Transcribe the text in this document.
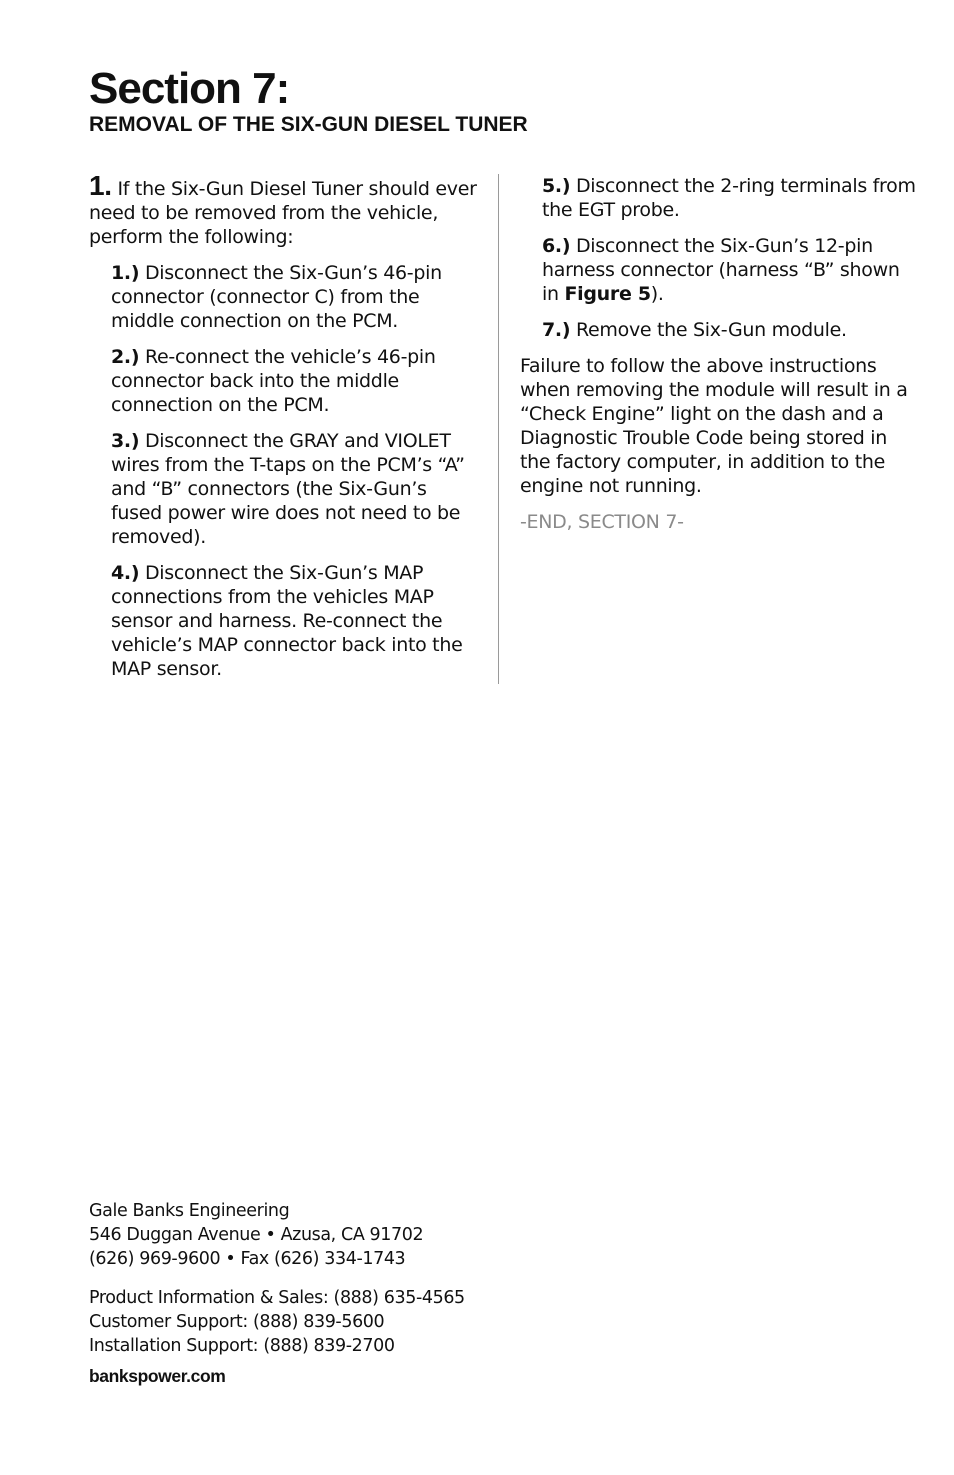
Section 7:
REMOVAL OF THE SIX-GUN DIESEL TUNER

1. If the Six-Gun Diesel Tuner should ever need to be removed from the vehicle, perform the following:

1.) Disconnect the Six-Gun’s 46-pin connector (connector C) from the middle connection on the PCM.

2.) Re-connect the vehicle’s 46-pin connector back into the middle connection on the PCM.

3.) Disconnect the GRAY and VIOLET wires from the T-taps on the PCM’s “A” and “B” connectors (the Six-Gun’s fused power wire does not need to be removed).

4.) Disconnect the Six-Gun’s MAP connections from the vehicles MAP sensor and harness. Re-connect the vehicle’s MAP connector back into the MAP sensor.

5.) Disconnect the 2-ring terminals from the EGT probe.

6.) Disconnect the Six-Gun’s 12-pin harness connector (harness “B” shown in Figure 5).

7.) Remove the Six-Gun module.

Failure to follow the above instructions when removing the module will result in a “Check Engine” light on the dash and a Diagnostic Trouble Code being stored in the factory computer, in addition to the engine not running.

-END, SECTION 7-

Gale Banks Engineering

546 Duggan Avenue • Azusa, CA 91702

(626) 969-9600 • Fax (626) 334-1743

Product Information & Sales: (888) 635-4565

Customer Support: (888) 839-5600

Installation Support: (888) 839-2700

bankspower.com
